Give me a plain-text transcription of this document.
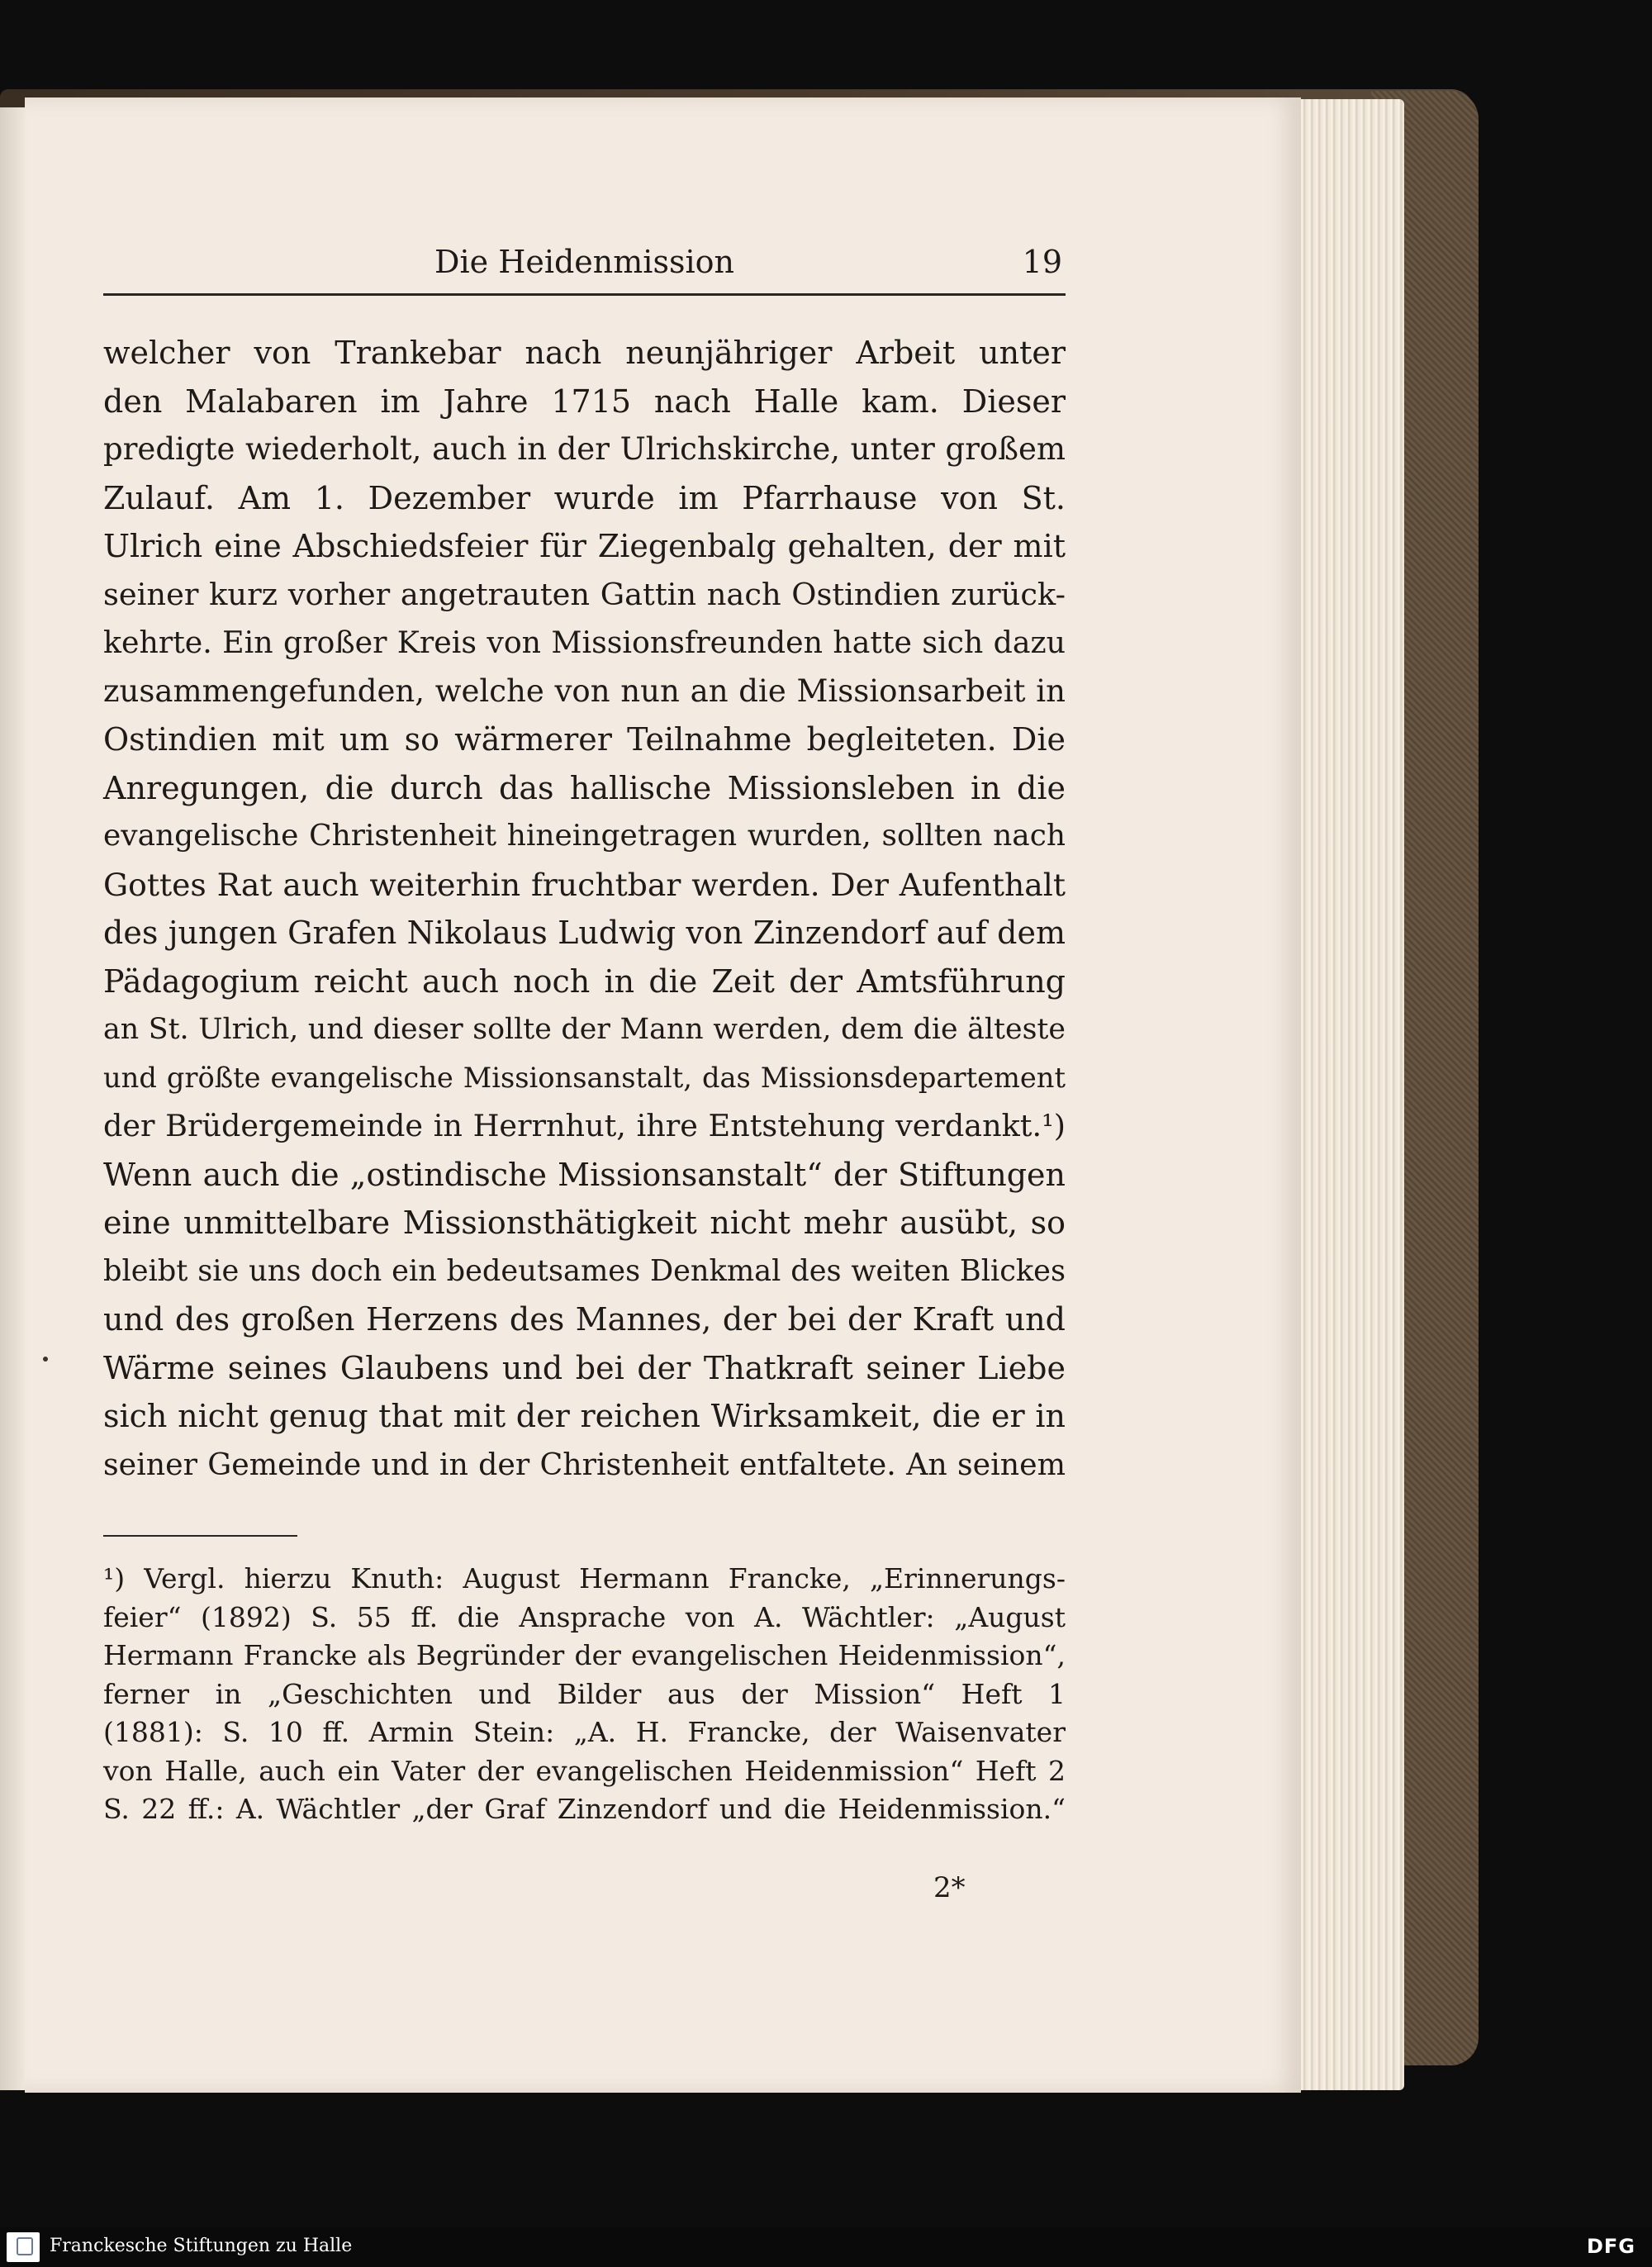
Die Heidenmission	19
welcher von Trankebar nach neunjähriger Arbeit unter
den Malabaren im Jahre 1715 nach Halle kam. Dieser
predigte wiederholt, auch in der Ulrichskirche, unter großem
Zulauf. Am 1. Dezember wurde im Pfarrhause von St.
Ulrich eine Abschiedsfeier für Ziegenbalg gehalten, der mit
seiner kurz vorher angetrauten Gattin nach Ostindien zurück-
kehrte. Ein großer Kreis von Missionsfreunden hatte sich dazu
zusammengefunden, welche von nun an die Missionsarbeit in
Ostindien mit um so wärmerer Teilnahme begleiteten. Die
Anregungen, die durch das hallische Missionsleben in die
evangelische Christenheit hineingetragen wurden, sollten nach
Gottes Rat auch weiterhin fruchtbar werden. Der Aufenthalt
des jungen Grafen Nikolaus Ludwig von Zinzendorf auf dem
Pädagogium reicht auch noch in die Zeit der Amtsführung
an St. Ulrich, und dieser sollte der Mann werden, dem die älteste
und größte evangelische Missionsanstalt, das Missionsdepartement
der Brüdergemeinde in Herrnhut, ihre Entstehung verdankt.¹)
Wenn auch die „ostindische Missionsanstalt“ der Stiftungen
eine unmittelbare Missionsthätigkeit nicht mehr ausübt, so
bleibt sie uns doch ein bedeutsames Denkmal des weiten Blickes
und des großen Herzens des Mannes, der bei der Kraft und
Wärme seines Glaubens und bei der Thatkraft seiner Liebe
sich nicht genug that mit der reichen Wirksamkeit, die er in
seiner Gemeinde und in der Christenheit entfaltete. An seinem
¹) Vergl. hierzu Knuth: August Hermann Francke, „Erinnerungs-
feier“ (1892) S. 55 ff. die Ansprache von A. Wächtler: „August
Hermann Francke als Begründer der evangelischen Heidenmission“,
ferner in „Geschichten und Bilder aus der Mission“ Heft 1
(1881): S. 10 ff. Armin Stein: „A. H. Francke, der Waisenvater
von Halle, auch ein Vater der evangelischen Heidenmission“ Heft 2
S. 22 ff.: A. Wächtler „der Graf Zinzendorf und die Heidenmission.“
2*
Franckesche Stiftungen zu Halle	DFG
